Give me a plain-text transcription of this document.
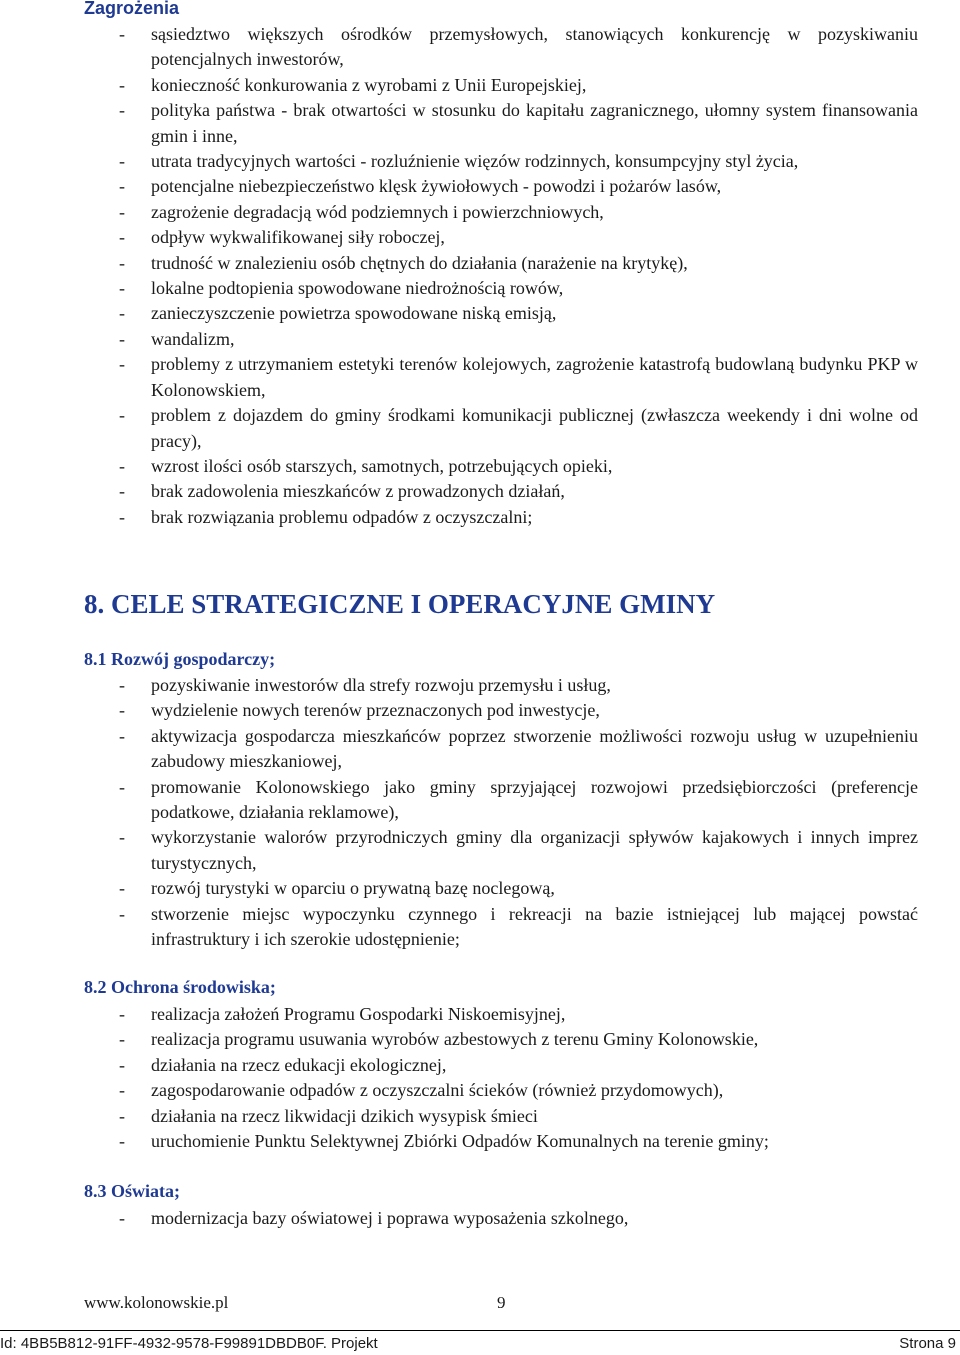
Zagrożenia
- sąsiedztwo większych ośrodków przemysłowych, stanowiących konkurencję w pozyskiwaniu potencjalnych inwestorów,
- konieczność konkurowania z wyrobami z Unii Europejskiej,
- polityka państwa - brak otwartości w stosunku do kapitału zagranicznego, ułomny system finansowania gmin i inne,
- utrata tradycyjnych wartości - rozluźnienie więzów rodzinnych, konsumpcyjny styl życia,
- potencjalne niebezpieczeństwo klęsk żywiołowych - powodzi i pożarów lasów,
- zagrożenie degradacją wód podziemnych i powierzchniowych,
- odpływ wykwalifikowanej siły roboczej,
- trudność w znalezieniu osób chętnych do działania (narażenie na krytykę),
- lokalne podtopienia spowodowane niedrożnością rowów,
- zanieczyszczenie powietrza spowodowane niską emisją,
- wandalizm,
- problemy z utrzymaniem estetyki terenów kolejowych, zagrożenie katastrofą budowlaną budynku PKP w Kolonowskiem,
- problem z dojazdem do gminy środkami komunikacji publicznej (zwłaszcza weekendy i dni wolne od pracy),
- wzrost ilości osób starszych, samotnych, potrzebujących opieki,
- brak zadowolenia mieszkańców z prowadzonych działań,
- brak rozwiązania problemu odpadów z oczyszczalni;
8. CELE STRATEGICZNE I OPERACYJNE GMINY
8.1 Rozwój gospodarczy;
- pozyskiwanie inwestorów dla strefy rozwoju przemysłu i usług,
- wydzielenie nowych terenów przeznaczonych pod inwestycje,
- aktywizacja gospodarcza mieszkańców poprzez stworzenie możliwości rozwoju usług w uzupełnieniu zabudowy mieszkaniowej,
- promowanie Kolonowskiego jako gminy sprzyjającej rozwojowi przedsiębiorczości (preferencje podatkowe, działania reklamowe),
- wykorzystanie walorów przyrodniczych gminy dla organizacji spływów kajakowych i innych imprez turystycznych,
- rozwój turystyki w oparciu o prywatną bazę noclegową,
- stworzenie miejsc wypoczynku czynnego i rekreacji na bazie istniejącej lub mającej powstać infrastruktury i ich szerokie udostępnienie;
8.2 Ochrona środowiska;
- realizacja założeń Programu Gospodarki Niskoemisyjnej,
- realizacja programu usuwania wyrobów azbestowych z terenu Gminy Kolonowskie,
- działania na rzecz edukacji ekologicznej,
- zagospodarowanie odpadów z oczyszczalni ścieków (również przydomowych),
- działania na rzecz likwidacji dzikich wysypisk śmieci
- uruchomienie Punktu Selektywnej Zbiórki Odpadów Komunalnych na terenie gminy;
8.3 Oświata;
- modernizacja bazy oświatowej i poprawa wyposażenia szkolnego,
www.kolonowskie.pl	9
Id: 4BB5B812-91FF-4932-9578-F99891DBDB0F. Projekt	Strona 9
